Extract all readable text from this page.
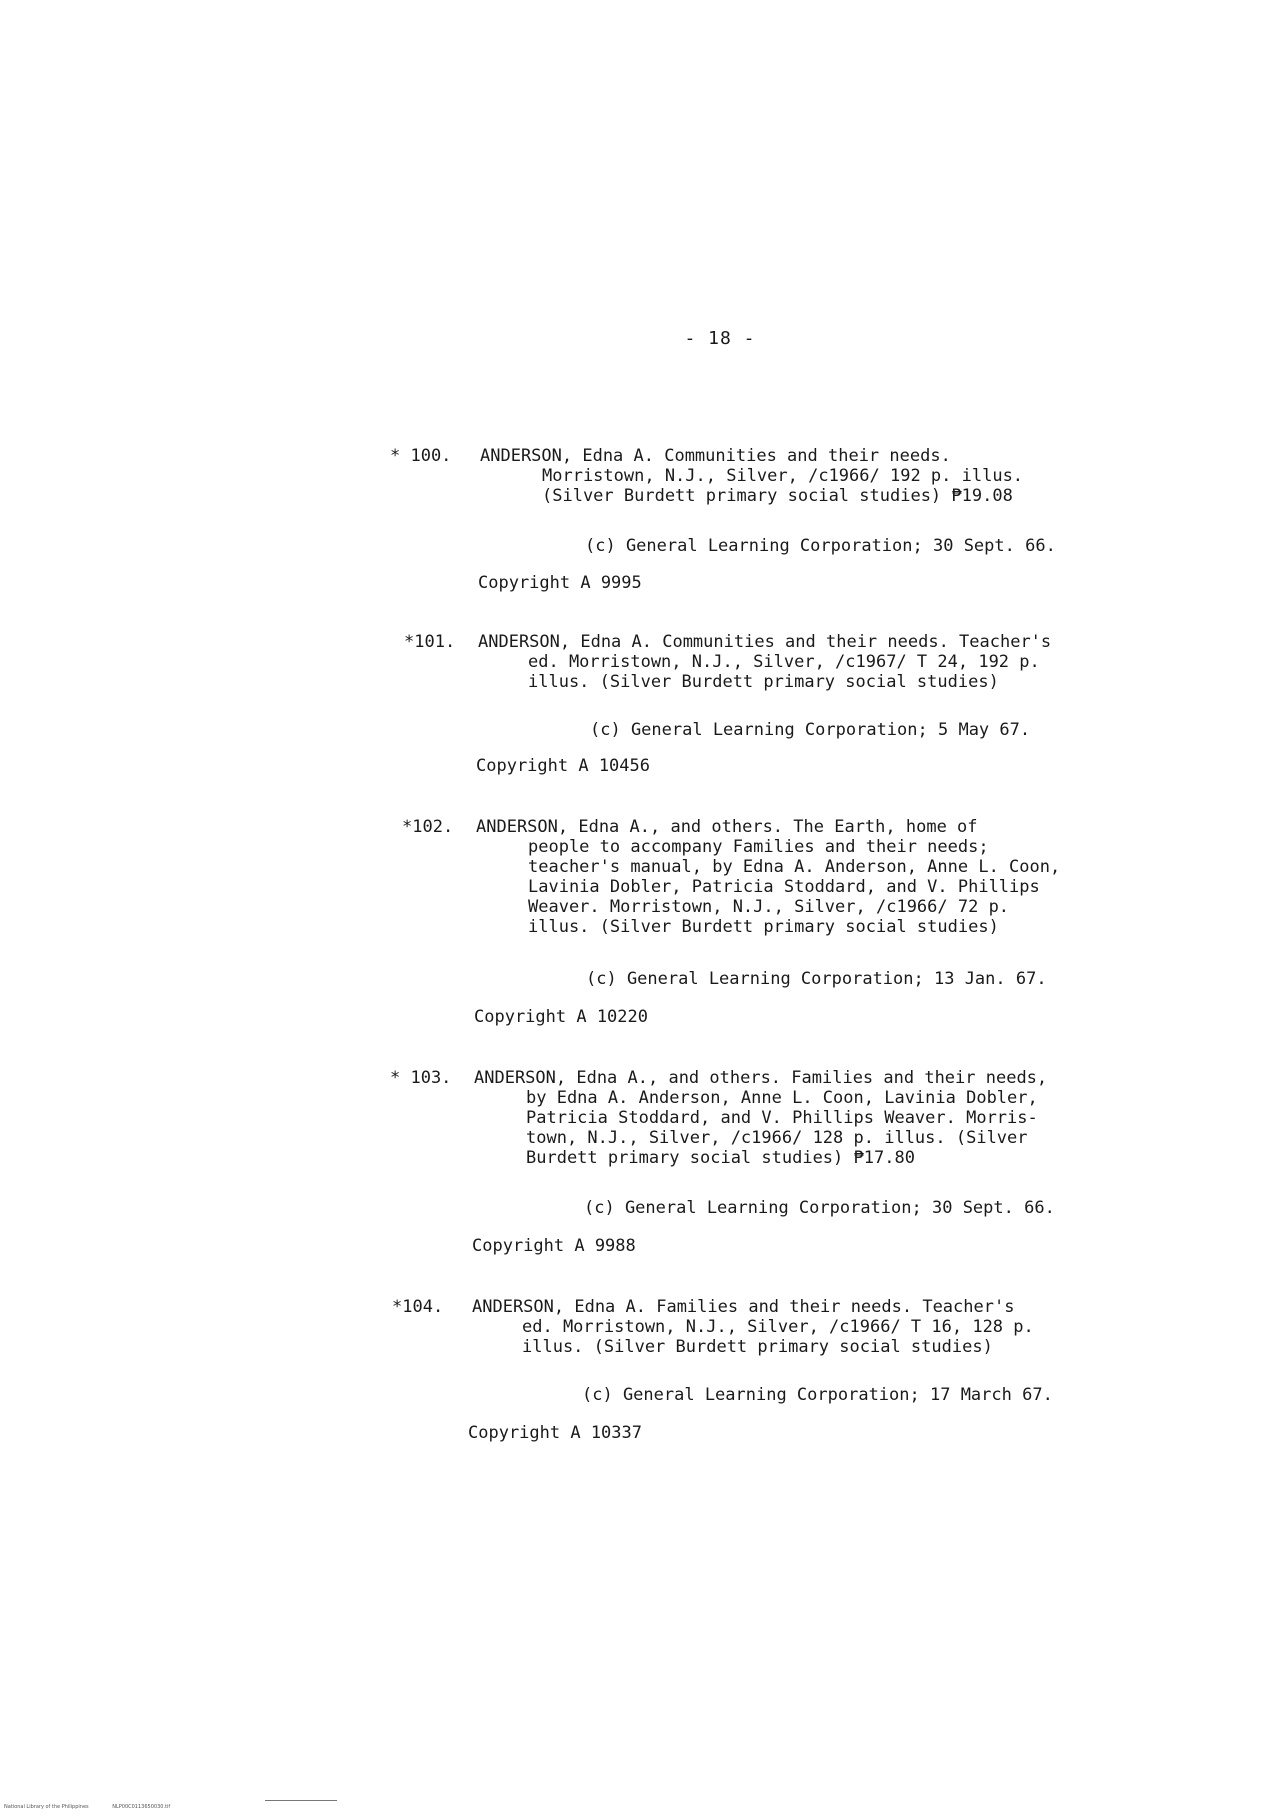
- 18 -
* 100.	ANDERSON, Edna A. Communities and their needs.
Morristown, N.J., Silver, /c1966/ 192 p. illus.
(Silver Burdett primary social studies) ₱19.08
(c) General Learning Corporation; 30 Sept. 66.
Copyright A 9995
*101.	ANDERSON, Edna A. Communities and their needs. Teacher's
ed. Morristown, N.J., Silver, /c1967/ T 24, 192 p.
illus. (Silver Burdett primary social studies)
(c) General Learning Corporation; 5 May 67.
Copyright A 10456
*102.	ANDERSON, Edna A., and others. The Earth, home of
people to accompany Families and their needs;
teacher's manual, by Edna A. Anderson, Anne L. Coon,
Lavinia Dobler, Patricia Stoddard, and V. Phillips
Weaver. Morristown, N.J., Silver, /c1966/ 72 p.
illus. (Silver Burdett primary social studies)
(c) General Learning Corporation; 13 Jan. 67.
Copyright A 10220
* 103.	ANDERSON, Edna A., and others. Families and their needs,
by Edna A. Anderson, Anne L. Coon, Lavinia Dobler,
Patricia Stoddard, and V. Phillips Weaver. Morris-
town, N.J., Silver, /c1966/ 128 p. illus. (Silver
Burdett primary social studies) ₱17.80
(c) General Learning Corporation; 30 Sept. 66.
Copyright A 9988
*104.	ANDERSON, Edna A. Families and their needs. Teacher's
ed. Morristown, N.J., Silver, /c1966/ T 16, 128 p.
illus. (Silver Burdett primary social studies)
(c) General Learning Corporation; 17 March 67.
Copyright A 10337
National Library of the Philippines	NLP00C0113650030.tif
